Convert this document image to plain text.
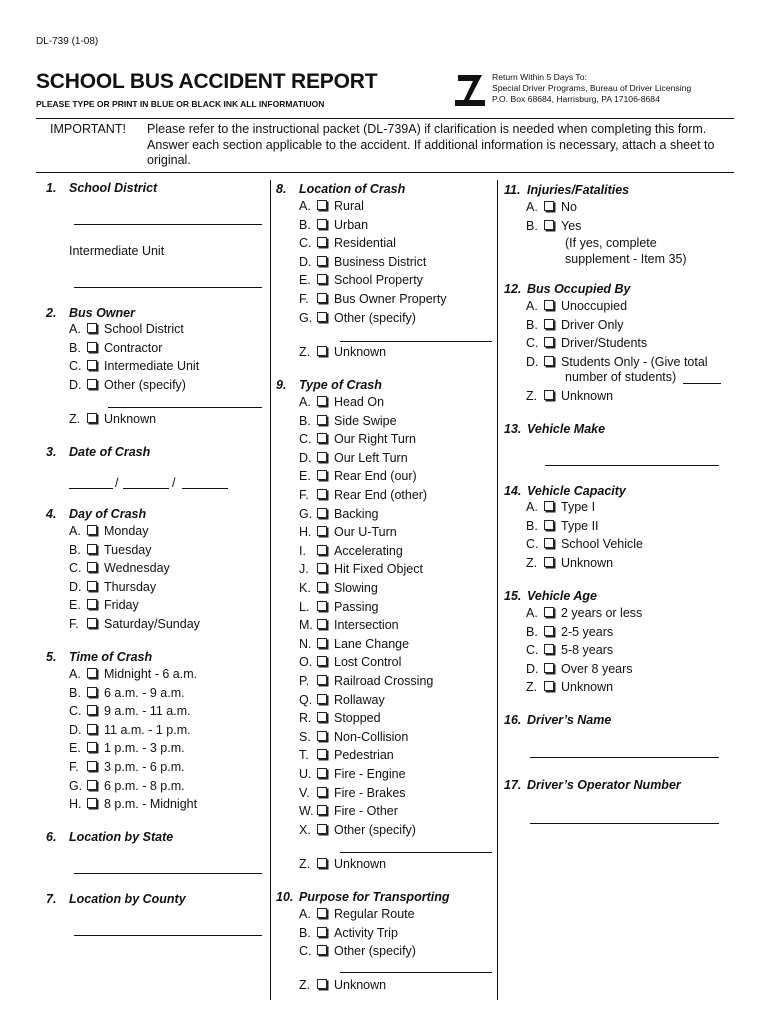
DL-739 (1-08)
SCHOOL BUS ACCIDENT REPORT
PLEASE TYPE OR PRINT IN BLUE OR BLACK INK ALL INFORMATIUON
Return Within 5 Days To:
Special Driver Programs, Bureau of Driver Licensing
P.O. Box 68684, Harrisburg, PA 17106-8684
IMPORTANT! Please refer to the instructional packet (DL-739A) if clarification is needed when completing this form. Answer each section applicable to the accident. If additional information is necessary, attach a sheet to original.
1. School District
Intermediate Unit
2. Bus Owner
A. School District
B. Contractor
C. Intermediate Unit
D. Other (specify)
Z. Unknown
3. Date of Crash
/	/
4. Day of Crash
A. Monday
B. Tuesday
C. Wednesday
D. Thursday
E. Friday
F. Saturday/Sunday
5. Time of Crash
A. Midnight - 6 a.m.
B. 6 a.m. - 9 a.m.
C. 9 a.m. - 11 a.m.
D. 11 a.m. - 1 p.m.
E. 1 p.m. - 3 p.m.
F. 3 p.m. - 6 p.m.
G. 6 p.m. - 8 p.m.
H. 8 p.m. - Midnight
6. Location by State
7. Location by County
8. Location of Crash
A. Rural
B. Urban
C. Residential
D. Business District
E. School Property
F. Bus Owner Property
G. Other (specify)
Z. Unknown
9. Type of Crash
A. Head On
B. Side Swipe
C. Our Right Turn
D. Our Left Turn
E. Rear End (our)
F. Rear End (other)
G. Backing
H. Our U-Turn
I. Accelerating
J. Hit Fixed Object
K. Slowing
L. Passing
M. Intersection
N. Lane Change
O. Lost Control
P. Railroad Crossing
Q. Rollaway
R. Stopped
S. Non-Collision
T. Pedestrian
U. Fire - Engine
V. Fire - Brakes
W. Fire - Other
X. Other (specify)
Z. Unknown
10. Purpose for Transporting
A. Regular Route
B. Activity Trip
C. Other (specify)
Z. Unknown
11. Injuries/Fatalities
A. No
B. Yes
(If yes, complete supplement - Item 35)
12. Bus Occupied By
A. Unoccupied
B. Driver Only
C. Driver/Students
D. Students Only - (Give total
number of students)
Z. Unknown
13. Vehicle Make
14. Vehicle Capacity
A. Type I
B. Type II
C. School Vehicle
Z. Unknown
15. Vehicle Age
A. 2 years or less
B. 2-5 years
C. 5-8 years
D. Over 8 years
Z. Unknown
16. Driver’s Name
17. Driver’s Operator Number
